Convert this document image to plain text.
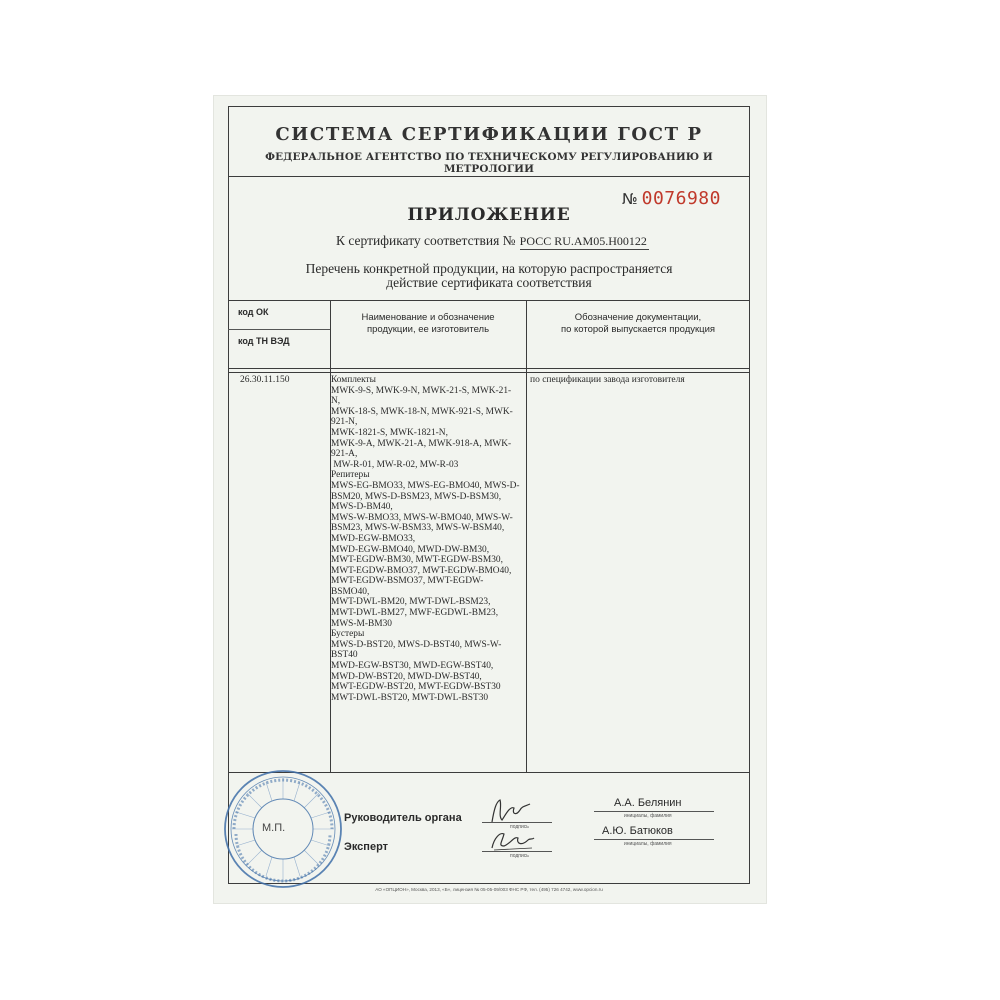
СИСТЕМА СЕРТИФИКАЦИИ ГОСТ Р
ФЕДЕРАЛЬНОЕ АГЕНТСТВО ПО ТЕХНИЧЕСКОМУ РЕГУЛИРОВАНИЮ И МЕТРОЛОГИИ
№ 0076980
ПРИЛОЖЕНИЕ
К сертификату соответствия № РОСС RU.AM05.H00122
Перечень конкретной продукции, на которую распространяется
действие сертификата соответствия
код ОК
код ТН ВЭД
Наименование и обозначение
продукции, ее изготовитель
Обозначение документации,
по которой выпускается продукция
26.30.11.150	Комплекты
MWK-9-S, MWK-9-N, MWK-21-S, MWK-21-
N,
MWK-18-S, MWK-18-N, MWK-921-S, MWK-
921-N,
MWK-1821-S, MWK-1821-N,
MWK-9-A, MWK-21-A, MWK-918-A, MWK-
921-A,
MW-R-01, MW-R-02, MW-R-03
Репитеры
MWS-EG-BMO33, MWS-EG-BMO40, MWS-D-
BSM20, MWS-D-BSM23, MWS-D-BSM30,
MWS-D-BM40,
MWS-W-BMO33, MWS-W-BMO40, MWS-W-
BSM23, MWS-W-BSM33, MWS-W-BSM40,
MWD-EGW-BMO33,
MWD-EGW-BMO40, MWD-DW-BM30,
MWT-EGDW-BM30, MWT-EGDW-BSM30,
MWT-EGDW-BMO37, MWT-EGDW-BMO40,
MWT-EGDW-BSMO37, MWT-EGDW-
BSMO40,
MWT-DWL-BM20, MWT-DWL-BSM23,
MWT-DWL-BM27, MWF-EGDWL-BM23,
MWS-M-BM30
Бустеры
MWS-D-BST20, MWS-D-BST40, MWS-W-
BST40
MWD-EGW-BST30, MWD-EGW-BST40,
MWD-DW-BST20, MWD-DW-BST40,
MWT-EGDW-BST20, MWT-EGDW-BST30
MWT-DWL-BST20, MWT-DWL-BST30
по спецификации завода изготовителя
М.П.
Руководитель органа
Эксперт
подпись
подпись
А.А. Белянин
инициалы, фамилия
А.Ю. Батюков
инициалы, фамилия
АО «ОПЦИОН», Москва, 2013, «Б», лицензия № 05-05-09/003 ФНС РФ, тел. (495) 726 4742, www.opcion.ru
